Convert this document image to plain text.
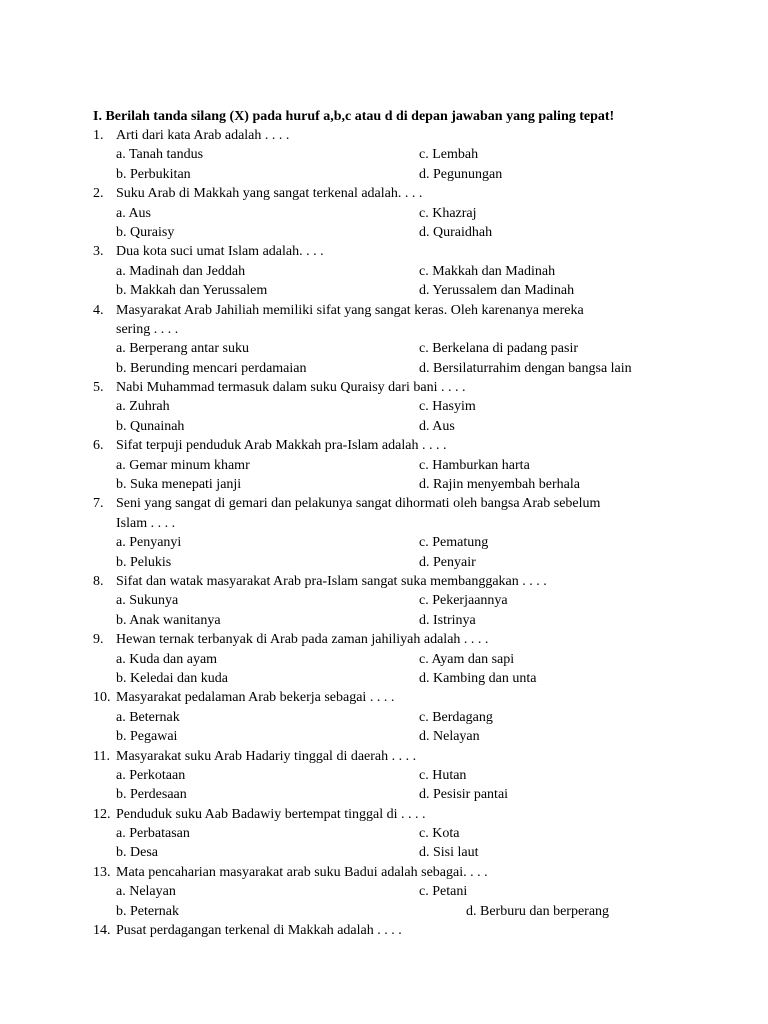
I. Berilah tanda silang (X) pada huruf a,b,c atau d di depan jawaban yang paling tepat!
1. Arti dari kata Arab adalah . . . .
a. Tanah tandus	c. Lembah
b. Perbukitan	d. Pegunungan
2. Suku Arab di Makkah yang sangat terkenal adalah. . . .
a. Aus	c. Khazraj
b. Quraisy	d. Quraidhah
3. Dua kota suci umat Islam adalah. . . .
a. Madinah dan Jeddah	c. Makkah dan Madinah
b. Makkah dan Yerussalem	d. Yerussalem dan Madinah
4. Masyarakat Arab Jahiliah memiliki sifat yang sangat keras. Oleh karenanya mereka
sering . . . .
a. Berperang antar suku	c. Berkelana di padang pasir
b. Berunding mencari perdamaian	d. Bersilaturrahim dengan bangsa lain
5. Nabi Muhammad termasuk dalam suku Quraisy dari bani . . . .
a. Zuhrah	c. Hasyim
b. Qunainah	d. Aus
6. Sifat terpuji penduduk Arab Makkah pra-Islam adalah . . . .
a. Gemar minum khamr	c. Hamburkan harta
b. Suka menepati janji	d. Rajin menyembah berhala
7. Seni yang sangat di gemari dan pelakunya sangat dihormati oleh bangsa Arab sebelum
Islam . . . .
a. Penyanyi	c. Pematung
b. Pelukis	d. Penyair
8. Sifat dan watak masyarakat Arab pra-Islam sangat suka membanggakan . . . .
a. Sukunya	c. Pekerjaannya
b. Anak wanitanya	d. Istrinya
9. Hewan ternak terbanyak di Arab pada zaman jahiliyah adalah . . . .
a. Kuda dan ayam	c. Ayam dan sapi
b. Keledai dan kuda	d. Kambing dan unta
10. Masyarakat pedalaman Arab bekerja sebagai . . . .
a. Beternak	c. Berdagang
b. Pegawai	d. Nelayan
11. Masyarakat suku Arab Hadariy tinggal di daerah . . . .
a. Perkotaan	c. Hutan
b. Perdesaan	d. Pesisir pantai
12. Penduduk suku Aab Badawiy bertempat tinggal di . . . .
a. Perbatasan	c. Kota
b. Desa	d. Sisi laut
13. Mata pencaharian masyarakat arab suku Badui adalah sebagai. . . .
a. Nelayan	c. Petani
b. Peternak	d. Berburu dan berperang
14. Pusat perdagangan terkenal di Makkah adalah . . . .
